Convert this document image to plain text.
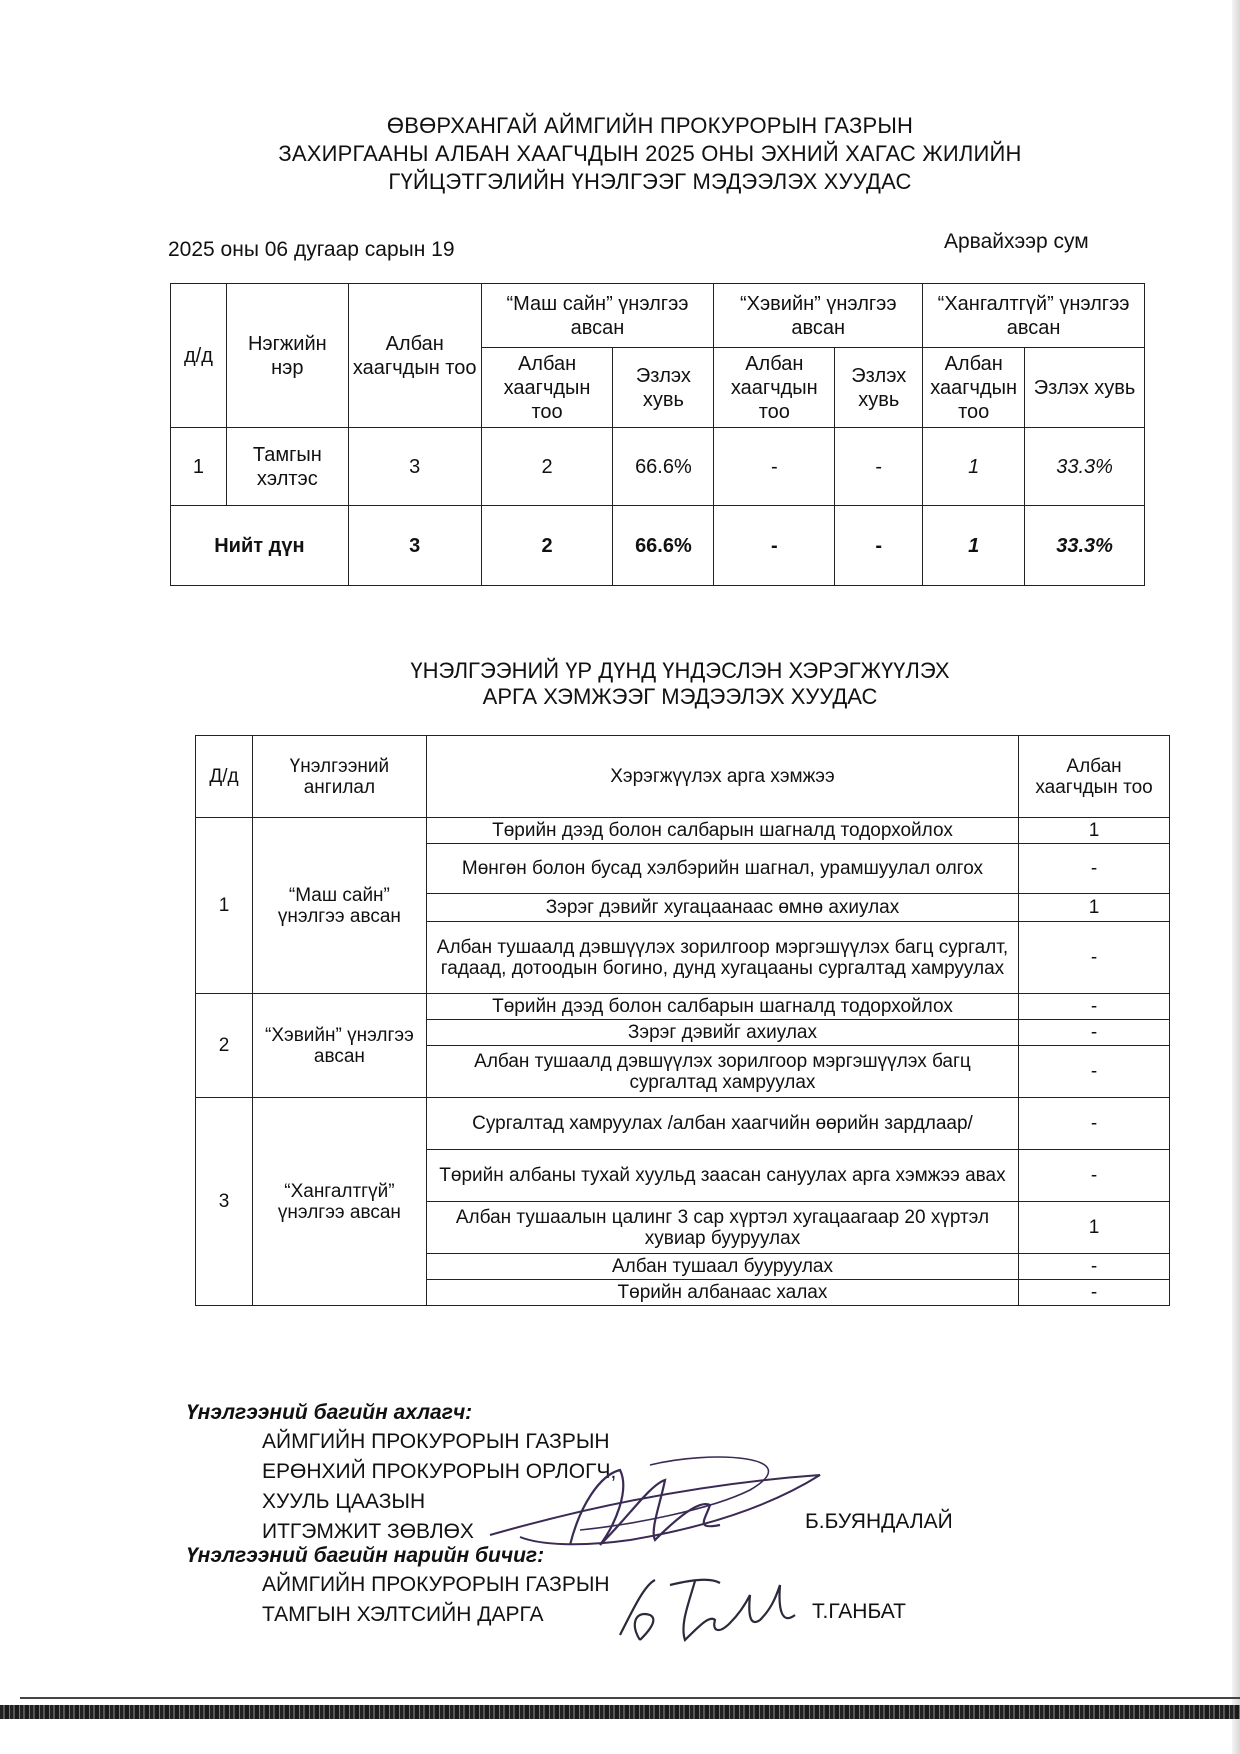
ӨВӨРХАНГАЙ АЙМГИЙН ПРОКУРОРЫН ГАЗРЫН
ЗАХИРГААНЫ АЛБАН ХААГЧДЫН 2025 ОНЫ ЭХНИЙ ХАГАС ЖИЛИЙН
ГҮЙЦЭТГЭЛИЙН ҮНЭЛГЭЭГ МЭДЭЭЛЭХ ХУУДАС
2025 оны 06 дугаар сарын 19	Арвайхээр сум
д/д	Нэгжийн нэр	Албан хаагчдын тоо	“Маш сайн” үнэлгээ авсан		“Хэвийн” үнэлгээ авсан		“Хангалтгүй” үнэлгээ авсан	
			Албан хаагчдын тоо	Эзлэх хувь	Албан хаагчдын тоо	Эзлэх хувь	Албан хаагчдын тоо	Эзлэх хувь
1	Тамгын хэлтэс	3	2	66.6%	-	-	1	33.3%
Нийт дүн		3	2	66.6%	-	-	1	33.3%
ҮНЭЛГЭЭНИЙ ҮР ДҮНД ҮНДЭСЛЭН ХЭРЭГЖҮҮЛЭХ
АРГА ХЭМЖЭЭГ МЭДЭЭЛЭХ ХУУДАС
Д/д	Үнэлгээний ангилал	Хэрэгжүүлэх арга хэмжээ	Албан хаагчдын тоо
1	“Маш сайн” үнэлгээ авсан	Төрийн дээд болон салбарын шагналд тодорхойлох	1
		Мөнгөн болон бусад хэлбэрийн шагнал, урамшуулал олгох	-
		Зэрэг дэвийг хугацаанаас өмнө ахиулах	1
		Албан тушаалд дэвшүүлэх зорилгоор мэргэшүүлэх багц сургалт, гадаад, дотоодын богино, дунд хугацааны сургалтад хамруулах	-
2	“Хэвийн” үнэлгээ авсан	Төрийн дээд болон салбарын шагналд тодорхойлох	-
		Зэрэг дэвийг ахиулах	-
		Албан тушаалд дэвшүүлэх зорилгоор мэргэшүүлэх багц сургалтад хамруулах	-
3	“Хангалтгүй” үнэлгээ авсан	Сургалтад хамруулах /албан хаагчийн өөрийн зардлаар/	-
		Төрийн албаны тухай хуульд заасан сануулах арга хэмжээ авах	-
		Албан тушаалын цалинг 3 сар хүртэл хугацаагаар 20 хүртэл хувиар бууруулах	1
		Албан тушаал бууруулах	-
		Төрийн албанаас халах	-
Үнэлгээний багийн ахлагч:
АЙМГИЙН ПРОКУРОРЫН ГАЗРЫН
ЕРӨНХИЙ ПРОКУРОРЫН ОРЛОГЧ,
ХУУЛЬ ЦААЗЫН
ИТГЭМЖИТ ЗӨВЛӨХ	Б.БУЯНДАЛАЙ
Үнэлгээний багийн нарийн бичиг:
АЙМГИЙН ПРОКУРОРЫН ГАЗРЫН
ТАМГЫН ХЭЛТСИЙН ДАРГА	Т.ГАНБАТ
